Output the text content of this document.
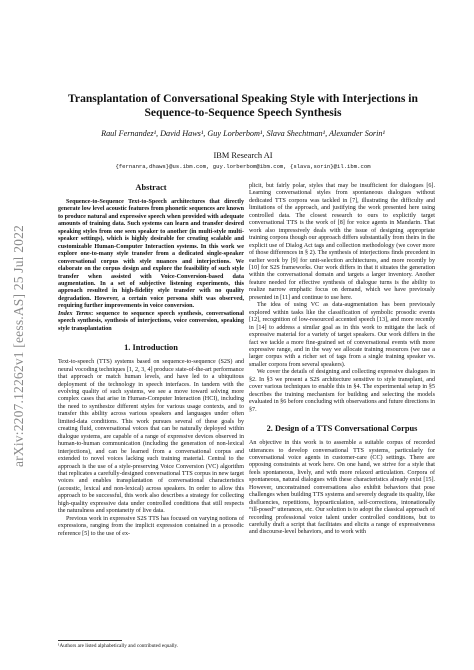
arXiv:2207.12262v1 [eess.AS] 25 Jul 2022
Transplantation of Conversational Speaking Style with Interjections in Sequence-to-Sequence Speech Synthesis

Raul Fernandez¹, David Haws¹, Guy Lorberbom¹, Slava Shechtman¹, Alexander Sorin¹

IBM Research AI

{fernanra,dhaws}@us.ibm.com, guy.lorberbom@ibm.com, {slava,sorin}@il.ibm.com

Abstract

Sequence-to-Sequence Text-to-Speech architectures that directly generate low level acoustic features from phonetic sequences are known to produce natural and expressive speech when provided with adequate amounts of training data. Such systems can learn and transfer desired speaking styles from one seen speaker to another (in multi-style multi-speaker settings), which is highly desirable for creating scalable and customizable Human-Computer Interaction systems. In this work we explore one-to-many style transfer from a dedicated single-speaker conversational corpus with style nuances and interjections. We elaborate on the corpus design and explore the feasibility of such style transfer when assisted with Voice-Conversion-based data augmentation. In a set of subjective listening experiments, this approach resulted in high-fidelity style transfer with no quality degradation. However, a certain voice persona shift was observed, requiring further improvements in voice conversion.
Index Terms: sequence to sequence speech synthesis, conversational speech synthesis, synthesis of interjections, voice conversion, speaking style transplantation

1. Introduction

Text-to-speech (TTS) systems based on sequence-to-sequence (S2S) and neural vocoding techniques [1, 2, 3, 4] produce state-of-the-art performance that approach or match human levels, and have led to a ubiquitous deployment of the technology in speech interfaces. In tandem with the evolving quality of such systems, we see a move toward solving more complex cases that arise in Human-Computer Interaction (HCI), including the need to synthesize different styles for various usage contexts, and to transfer this ability across various speakers and languages under often limited-data conditions. This work pursues several of these goals by creating fluid, conversational voices that can be naturally deployed within dialogue systems, are capable of a range of expressive devices observed in human-to-human communication (including the generation of non-lexical interjections), and can be learned from a conversational corpus and extended to novel voices lacking such training material. Central to the approach is the use of a style-preserving Voice Conversion (VC) algorithm that replicates a carefully-designed conversational TTS corpus in new target voices and enables transplantation of conversational characteristics (acoustic, lexical and non-lexical) across speakers. In order to allow this approach to be successful, this work also describes a strategy for collecting high-quality expressive data under controlled conditions that still respects the naturalness and spontaneity of live data.

Previous work in expressive S2S TTS has focused on varying notions of expressions, ranging from the implicit expression contained in a prosodic reference [5] to the use of ex-

plicit, but fairly polar, styles that may be insufficient for dialogues [6]. Learning conversational styles from spontaneous dialogues without dedicated TTS corpora was tackled in [7], illustrating the difficulty and limitations of the approach, and justifying the work presented here using controlled data. The closest research to ours to explicitly target conversational TTS is the work of [8] for voice agents in Mandarin. That work also impressively deals with the issue of designing appropriate training corpora though our approach differs substantially from theirs in the explicit use of Dialog Act tags and collection methodology (we cover more of those differences in § 2). The synthesis of interjections finds precedent in earlier work by [9] for unit-selection architectures, and more recently by [10] for S2S frameworks. Our work differs in that it situates the generation within the conversational domain and targets a larger inventory. Another feature needed for effective synthesis of dialogue turns is the ability to realize narrow emphatic focus on demand, which we have previously presented in [11] and continue to use here.

The idea of using VC as data-augmentation has been previously explored within tasks like the classification of symbolic prosodic events [12], recognition of low-resourced accented speech [13], and more recently in [14] to address a similar goal as in this work to mitigate the lack of expressive material for a variety of target speakers. Our work differs in the fact we tackle a more fine-grained set of conversational events with more expressive range, and in the way we allocate training resources (we use a larger corpus with a richer set of tags from a single training speaker vs. smaller corpora from several speakers).

We cover the details of designing and collecting expressive dialogues in §2. In §3 we present a S2S architecture sensitive to style transplant, and cover various techniques to enable this in §4. The experimental setup in §5 describes the training mechanism for building and selecting the models evaluated in §6 before concluding with observations and future directions in §7.

2. Design of a TTS Conversational Corpus

An objective in this work is to assemble a suitable corpus of recorded utterances to develop conversational TTS systems, particularly for conversational voice agents in customer-care (CC) settings. There are opposing constraints at work here. On one hand, we strive for a style that feels spontaneous, lively, and with more relaxed articulation. Corpora of spontaneous, natural dialogues with these characteristics already exist [15]. However, unconstrained conversations also exhibit behaviors that pose challenges when building TTS systems and severely degrade its quality, like disfluencies, repetitions, hypoarticulation, self-corrections, intonationally “ill-posed” utterances, etc. Our solution is to adopt the classical approach of recording professional voice talent under controlled conditions, but to carefully draft a script that facilitates and elicits a range of expressiveness and discourse-level behaviors, and to work with

¹Authors are listed alphabetically and contributed equally.
